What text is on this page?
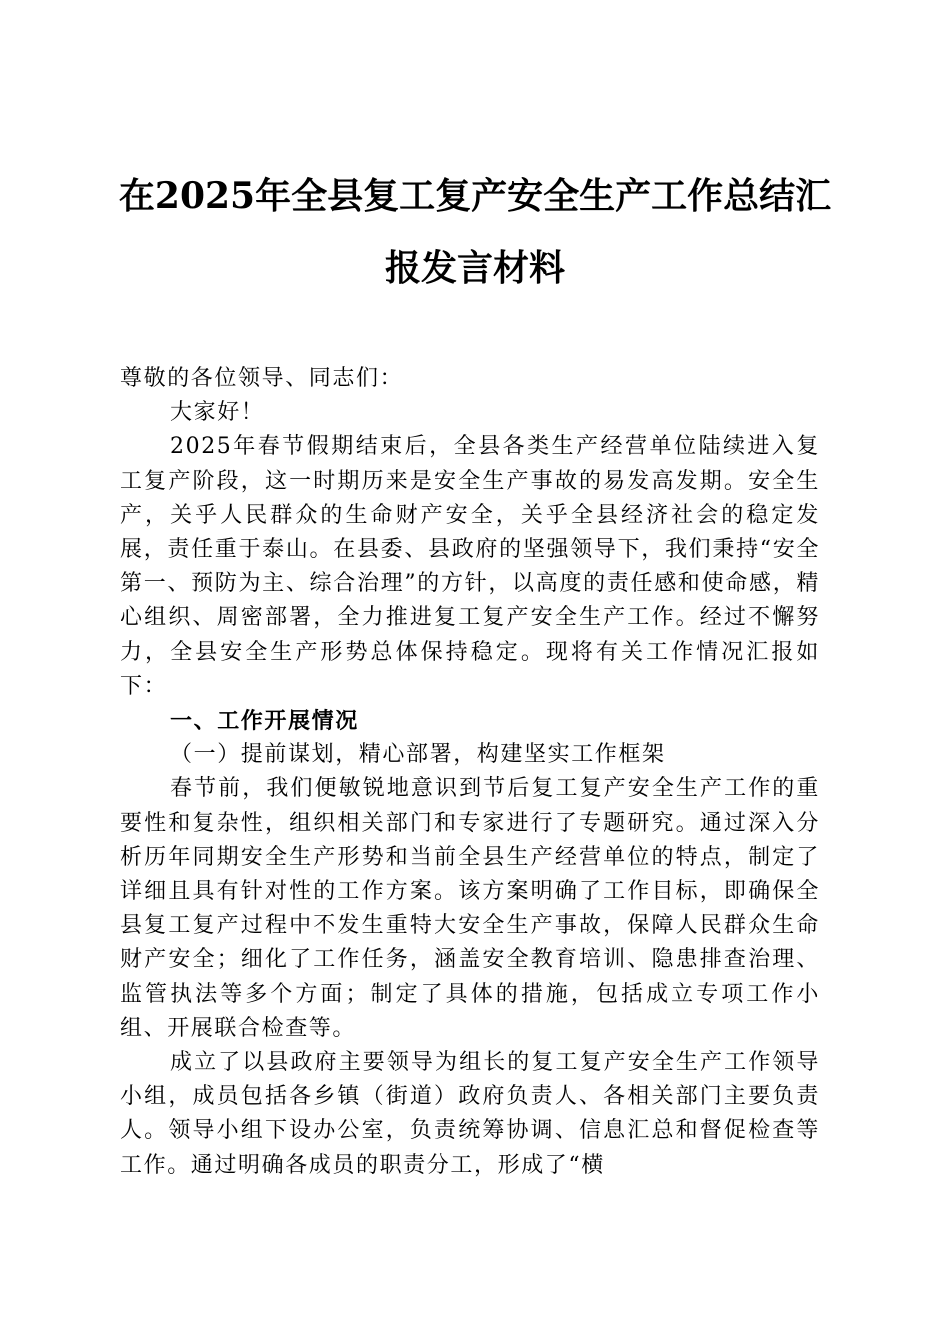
在2025年全县复工复产安全生产工作总结汇
报发言材料

尊敬的各位领导、同志们：

大家好！

2025年春节假期结束后，全县各类生产经营单位陆续进入复工复产阶段，这一时期历来是安全生产事故的易发高发期。安全生产，关乎人民群众的生命财产安全，关乎全县经济社会的稳定发展，责任重于泰山。在县委、县政府的坚强领导下，我们秉持“安全第一、预防为主、综合治理”的方针，以高度的责任感和使命感，精心组织、周密部署，全力推进复工复产安全生产工作。经过不懈努力，全县安全生产形势总体保持稳定。现将有关工作情况汇报如下：

一、工作开展情况

（一）提前谋划，精心部署，构建坚实工作框架

春节前，我们便敏锐地意识到节后复工复产安全生产工作的重要性和复杂性，组织相关部门和专家进行了专题研究。通过深入分析历年同期安全生产形势和当前全县生产经营单位的特点，制定了详细且具有针对性的工作方案。该方案明确了工作目标，即确保全县复工复产过程中不发生重特大安全生产事故，保障人民群众生命财产安全；细化了工作任务，涵盖安全教育培训、隐患排查治理、监管执法等多个方面；制定了具体的措施，包括成立专项工作小组、开展联合检查等。

成立了以县政府主要领导为组长的复工复产安全生产工作领导小组，成员包括各乡镇（街道）政府负责人、各相关部门主要负责人。领导小组下设办公室，负责统筹协调、信息汇总和督促检查等工作。通过明确各成员的职责分工，形成了“横
